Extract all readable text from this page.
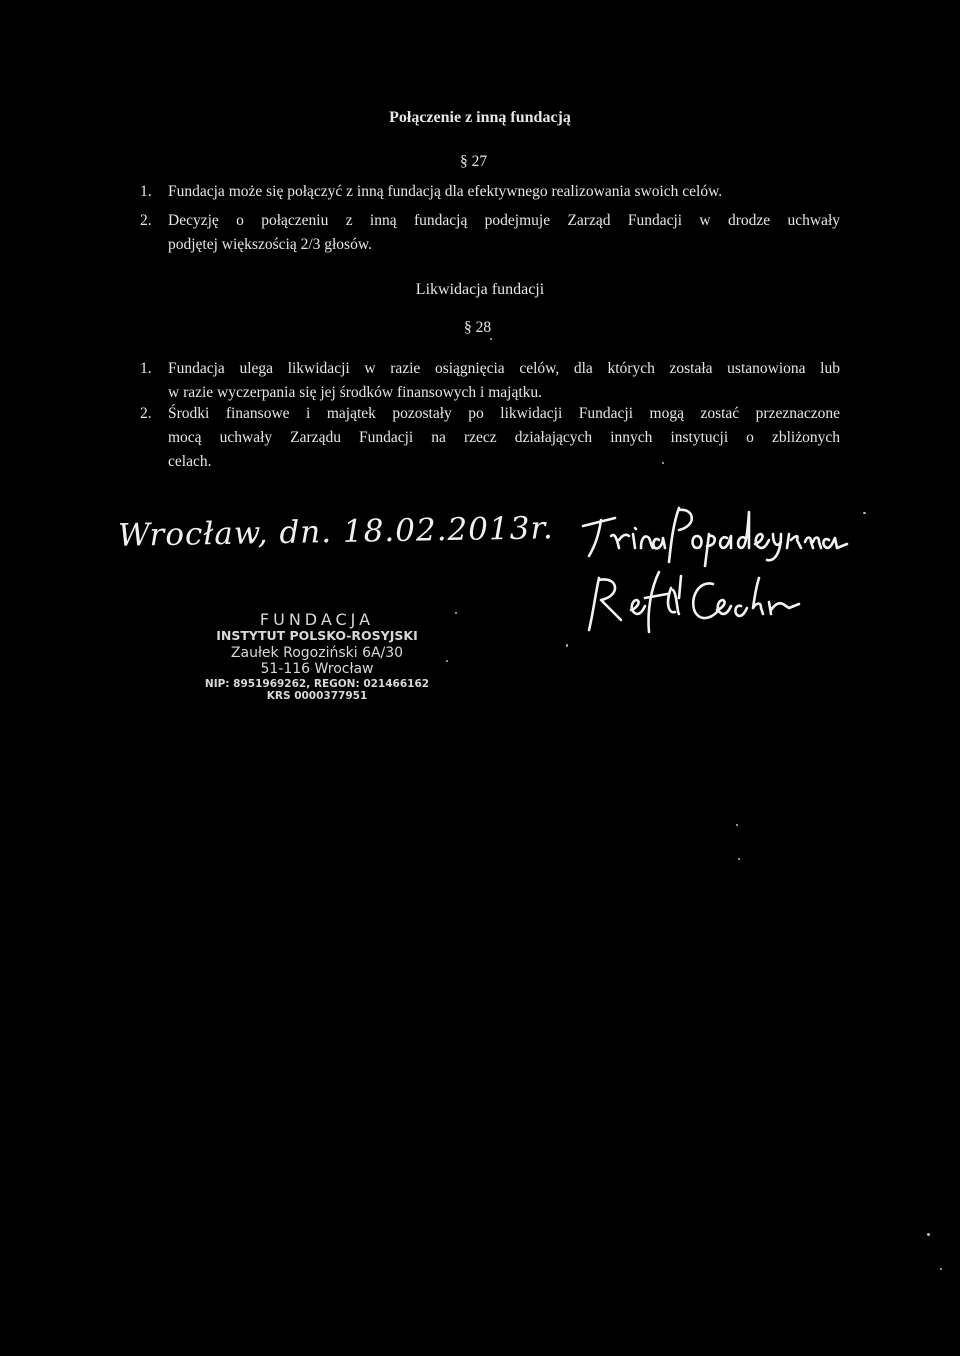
Połączenie z inną fundacją
§ 27
1. Fundacja może się połączyć z inną fundacją dla efektywnego realizowania swoich celów.
2. Decyzję o połączeniu z inną fundacją podejmuje Zarząd Fundacji w drodze uchwały
podjętej większością 2/3 głosów.
Likwidacja fundacji
§ 28
1. Fundacja ulega likwidacji w razie osiągnięcia celów, dla których została ustanowiona lub
w razie wyczerpania się jej środków finansowych i majątku.
2. Środki finansowe i majątek pozostały po likwidacji Fundacji mogą zostać przeznaczone
mocą uchwały Zarządu Fundacji na rzecz działających innych instytucji o zbliżonych
celach.
Wrocław, dn. 18.02.2013r.
FUNDACJA
INSTYTUT POLSKO-ROSYJSKI
Zaułek Rogoziński 6A/30
51-116 Wrocław
NIP: 8951969262, REGON: 021466162
KRS 0000377951
